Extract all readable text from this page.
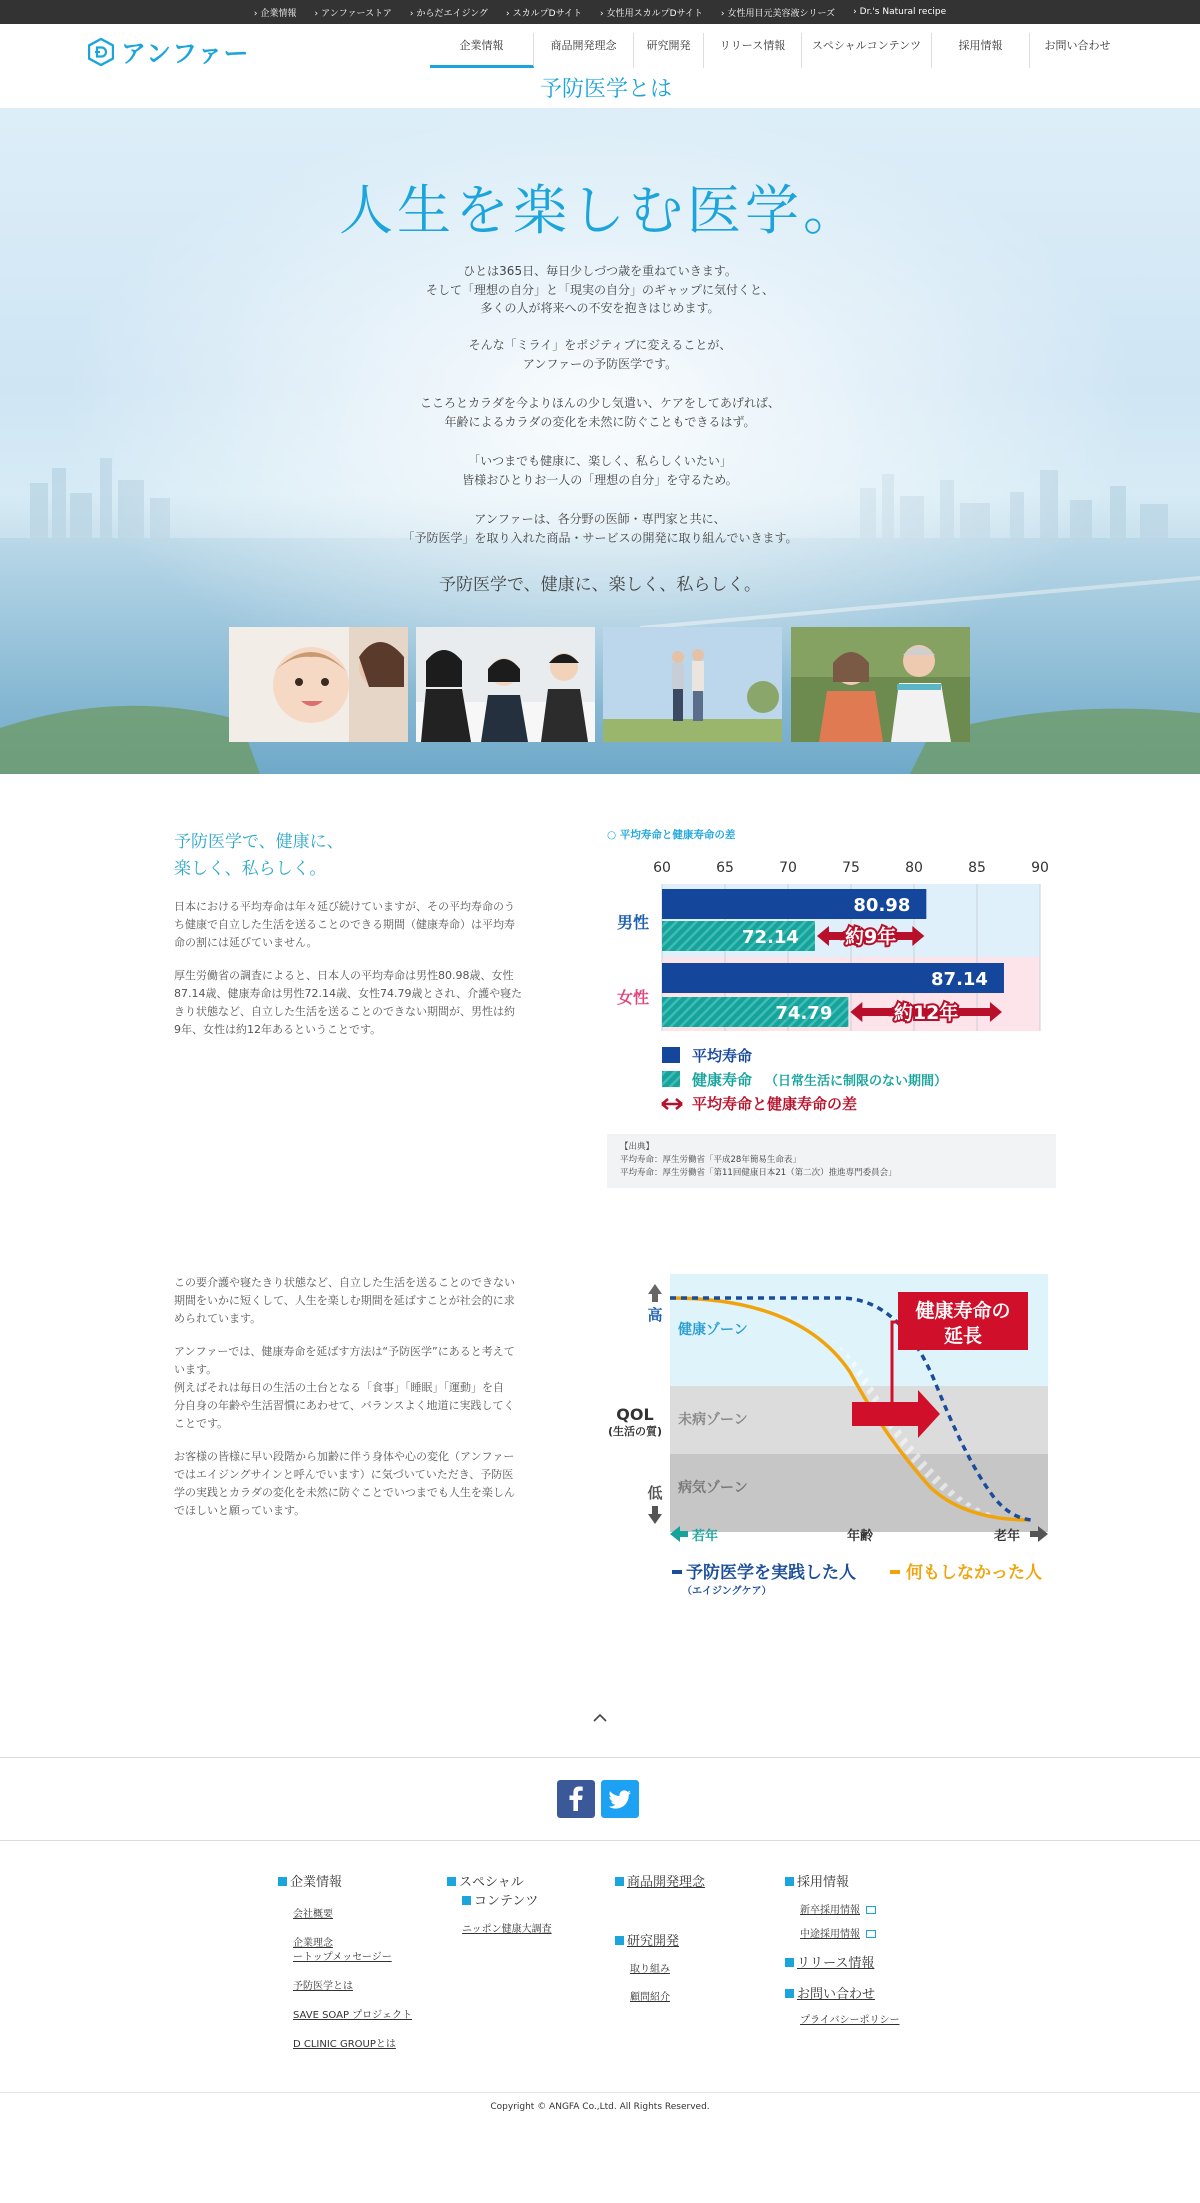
› 企業情報	› アンファーストア	› からだエイジング	› スカルプDサイト	› 女性用スカルプDサイト	› 女性用目元美容液シリーズ	› Dr.'s Natural recipe
予防医学とは
アンファー	企業情報	商品開発理念	研究開発	リリース情報	スペシャルコンテンツ	採用情報	お問い合わせ
人生を楽しむ医学。
ひとは365日、毎日少しづつ歳を重ねていきます。
そして「理想の自分」と「現実の自分」のギャップに気付くと、
多くの人が将来への不安を抱きはじめます。
そんな「ミライ」をポジティブに変えることが、
アンファーの予防医学です。
こころとカラダを今よりほんの少し気遣い、ケアをしてあげれば、
年齢によるカラダの変化を未然に防ぐこともできるはず。
「いつまでも健康に、楽しく、私らしくいたい」
皆様おひとりお一人の「理想の自分」を守るため。
アンファーは、各分野の医師・専門家と共に、
「予防医学」を取り入れた商品・サービスの開発に取り組んでいきます。
予防医学で、健康に、楽しく、私らしく。
予防医学で、健康に、
楽しく、私らしく。
日本における平均寿命は年々延び続けていますが、その平均寿命のう
ち健康で自立した生活を送ることのできる期間（健康寿命）は平均寿
命の割には延びていません。
厚生労働省の調査によると、日本人の平均寿命は男性80.98歳、女性
87.14歳、健康寿命は男性72.14歳、女性74.79歳とされ、介護や寝た
きり状態など、自立した生活を送ることのできない期間が、男性は約
9年、女性は約12年あるということです。
○ 平均寿命と健康寿命の差
60	65	70	75	80	85	90
80.98
72.14
87.14
74.79
約9年
約12年
男性
女性
平均寿命
健康寿命 （日常生活に制限のない期間）
平均寿命と健康寿命の差
【出典】
平均寿命：厚生労働省「平成28年簡易生命表」
平均寿命：厚生労働省「第11回健康日本21（第二次）推進専門委員会」
この要介護や寝たきり状態など、自立した生活を送ることのできない
期間をいかに短くして、人生を楽しむ期間を延ばすことが社会的に求
められています。
アンファーでは、健康寿命を延ばす方法は“予防医学”にあると考えて
います。
例えばそれは毎日の生活の土台となる「食事」「睡眠」「運動」を自
分自身の年齢や生活習慣にあわせて、バランスよく地道に実践してく
ことです。
お客様の皆様に早い段階から加齢に伴う身体や心の変化（アンファー
ではエイジングサインと呼んでいます）に気づいていただき、予防医
学の実践とカラダの変化を未然に防ぐことでいつまでも人生を楽しん
でほしいと願っています。
健康ゾーン
未病ゾーン
病気ゾーン
健康寿命の
延長
高
QOL
(生活の質)
低
若年	年齢	老年
予防医学を実践した人
（エイジングケア）
何もしなかった人
企業情報
会社概要
企業理念
ートップメッセージー
予防医学とは
SAVE SOAP プロジェクト
D CLINIC GROUPとは
スペシャル
コンテンツ
ニッポン健康大調査
商品開発理念
研究開発
取り組み
顧問紹介
採用情報
新卒採用情報
中途採用情報
リリース情報
お問い合わせ
プライバシーポリシー
Copyright © ANGFA Co.,Ltd. All Rights Reserved.
